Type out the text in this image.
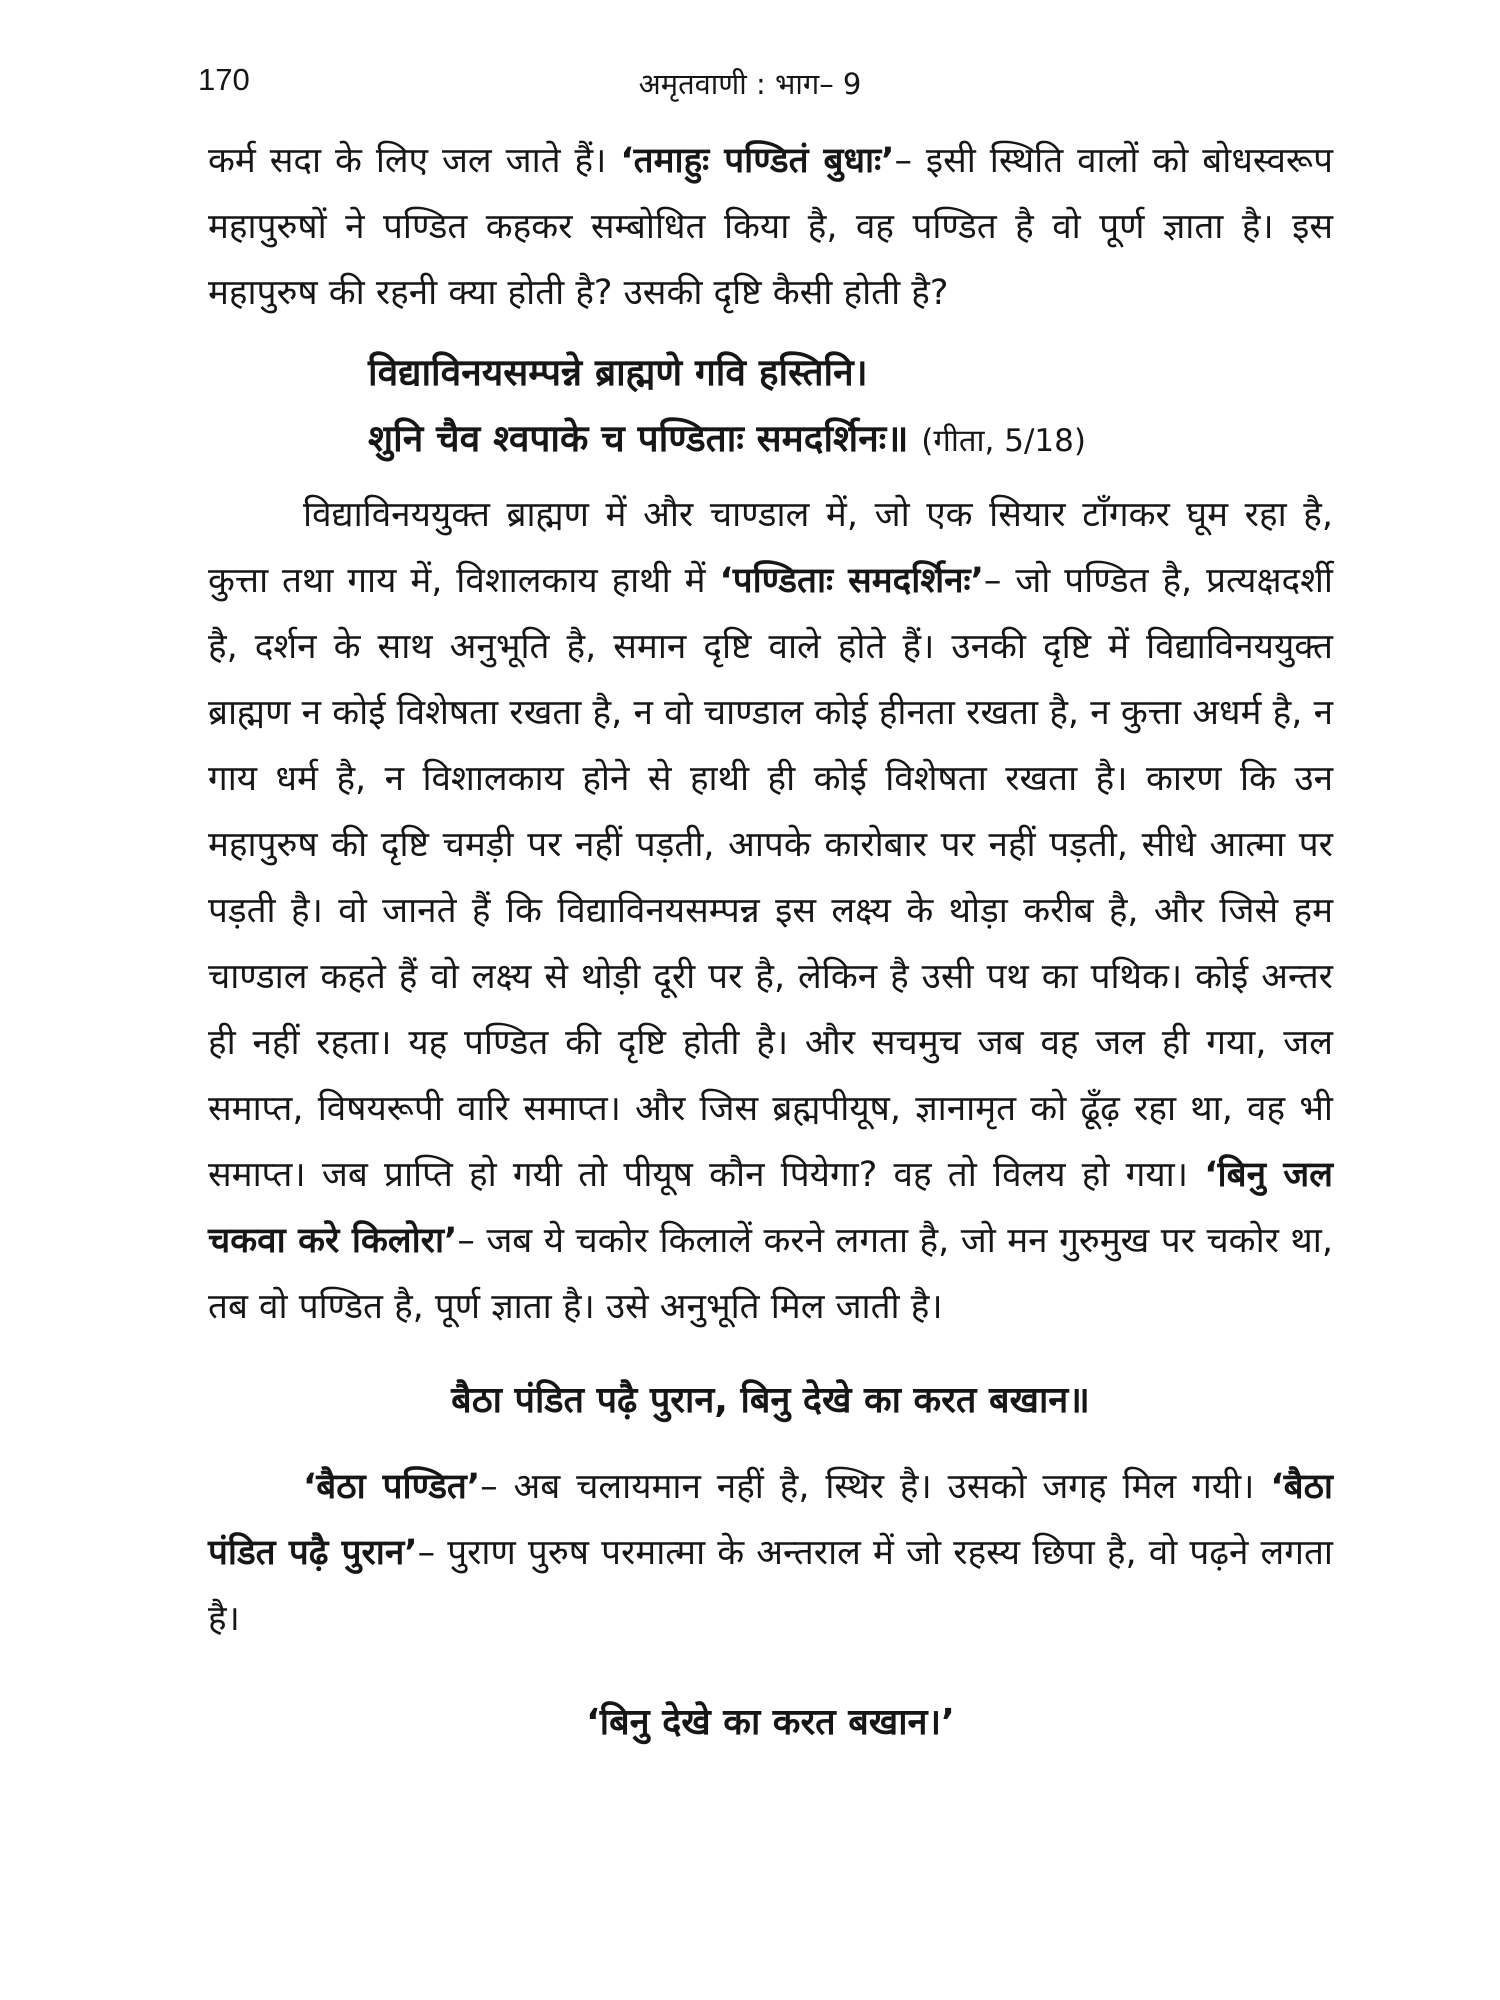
170	अमृतवाणी : भाग– 9

कर्म सदा के लिए जल जाते हैं। ‘तमाहुः पण्डितं बुधाः’– इसी स्थिति वालों को बोधस्वरूप महापुरुषों ने पण्डित कहकर सम्बोधित किया है, वह पण्डित है वो पूर्ण ज्ञाता है। इस महापुरुष की रहनी क्या होती है? उसकी दृष्टि कैसी होती है?

विद्याविनयसम्पन्ने ब्राह्मणे गवि हस्तिनि।

शुनि चैव श्वपाके च पण्डिताः समदर्शिनः॥ (गीता, 5/18)

विद्याविनययुक्त ब्राह्मण में और चाण्डाल में, जो एक सियार टाँगकर घूम रहा है, कुत्ता तथा गाय में, विशालकाय हाथी में ‘पण्डिताः समदर्शिनः’– जो पण्डित है, प्रत्यक्षदर्शी है, दर्शन के साथ अनुभूति है, समान दृष्टि वाले होते हैं। उनकी दृष्टि में विद्याविनययुक्त ब्राह्मण न कोई विशेषता रखता है, न वो चाण्डाल कोई हीनता रखता है, न कुत्ता अधर्म है, न गाय धर्म है, न विशालकाय होने से हाथी ही कोई विशेषता रखता है। कारण कि उन महापुरुष की दृष्टि चमड़ी पर नहीं पड़ती, आपके कारोबार पर नहीं पड़ती, सीधे आत्मा पर पड़ती है। वो जानते हैं कि विद्याविनयसम्पन्न इस लक्ष्य के थोड़ा करीब है, और जिसे हम चाण्डाल कहते हैं वो लक्ष्य से थोड़ी दूरी पर है, लेकिन है उसी पथ का पथिक। कोई अन्तर ही नहीं रहता। यह पण्डित की दृष्टि होती है। और सचमुच जब वह जल ही गया, जल समाप्त, विषयरूपी वारि समाप्त। और जिस ब्रह्मपीयूष, ज्ञानामृत को ढूँढ़ रहा था, वह भी समाप्त। जब प्राप्ति हो गयी तो पीयूष कौन पियेगा? वह तो विलय हो गया। ‘बिनु जल चकवा करे किलोरा’– जब ये चकोर किलालें करने लगता है, जो मन गुरुमुख पर चकोर था, तब वो पण्डित है, पूर्ण ज्ञाता है। उसे अनुभूति मिल जाती है।

बैठा पंडित पढ़ै पुरान, बिनु देखे का करत बखान॥

‘बैठा पण्डित’– अब चलायमान नहीं है, स्थिर है। उसको जगह मिल गयी। ‘बैठा पंडित पढ़ै पुरान’– पुराण पुरुष परमात्मा के अन्तराल में जो रहस्य छिपा है, वो पढ़ने लगता है।

‘बिनु देखे का करत बखान।’
